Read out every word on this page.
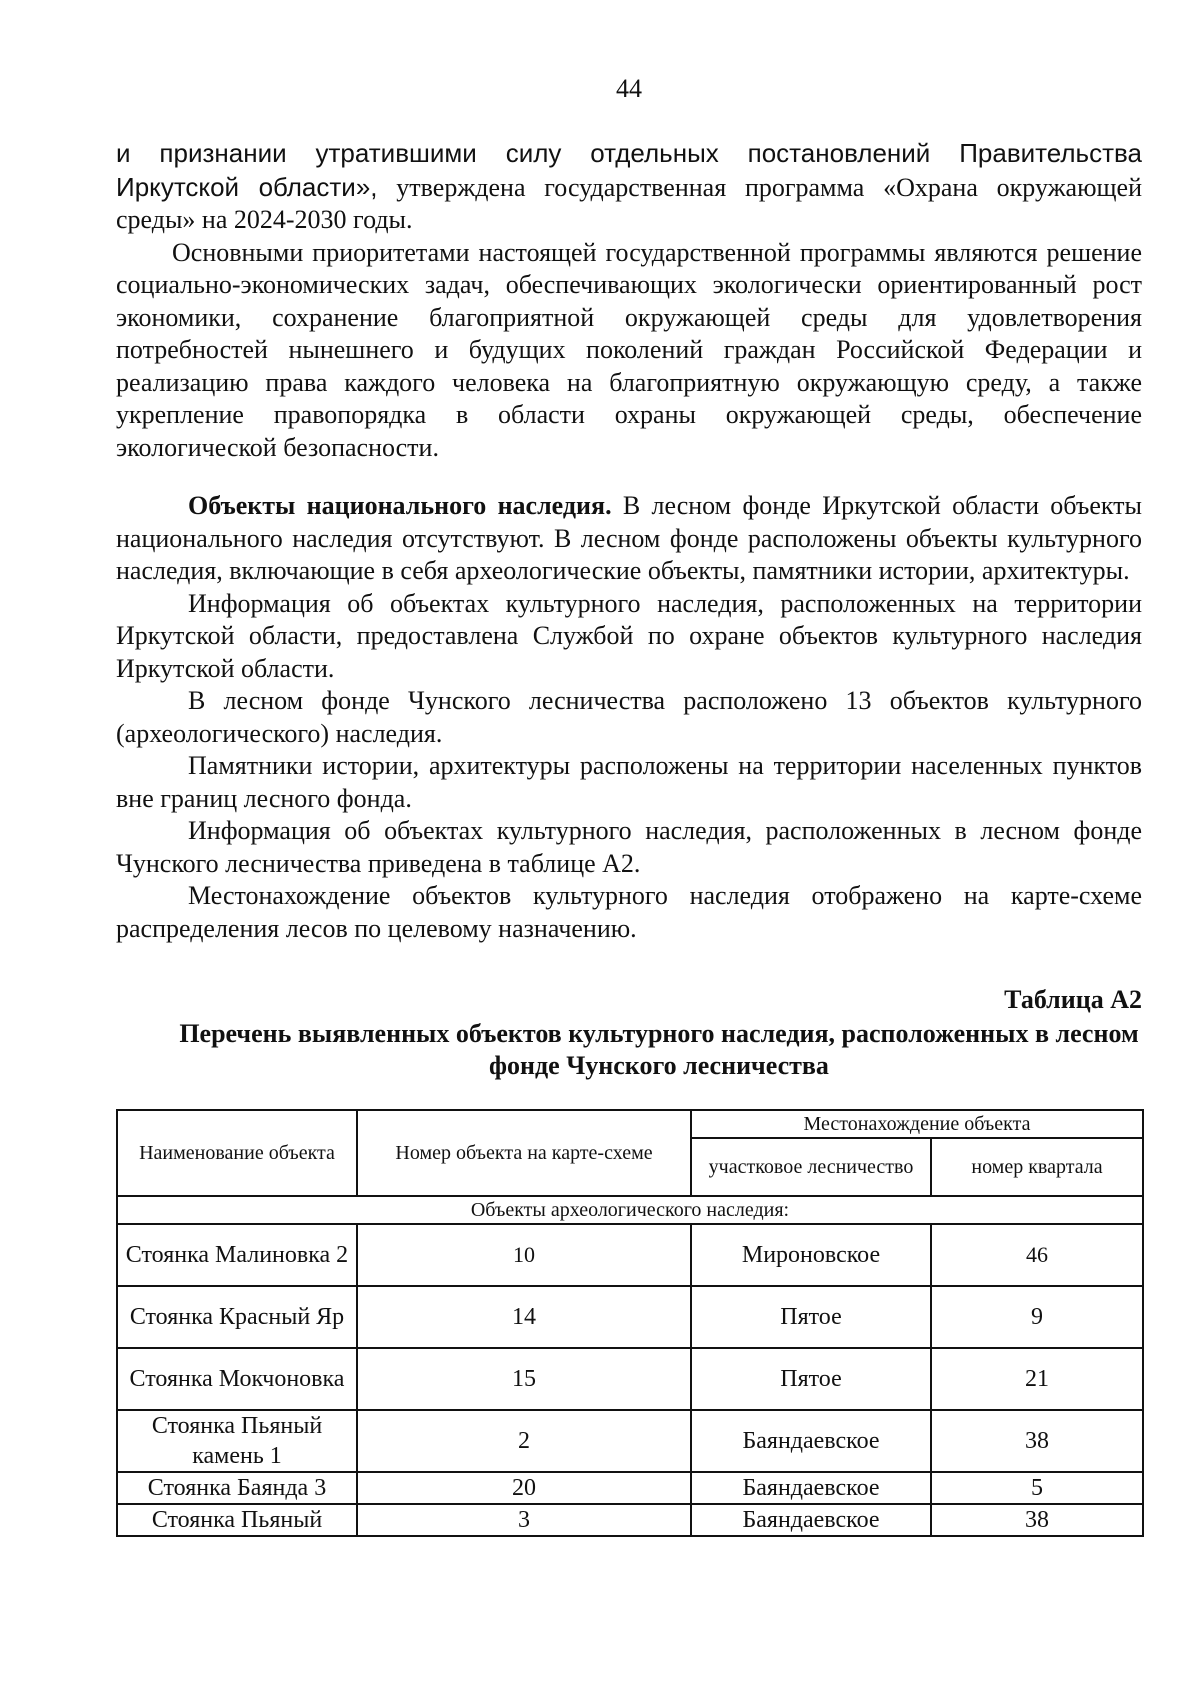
44

и признании утратившими силу отдельных постановлений Правительства Иркутской области», утверждена государственная программа «Охрана окружающей среды» на 2024-2030 годы.

Основными приоритетами настоящей государственной программы являются решение социально-экономических задач, обеспечивающих экологически ориентированный рост экономики, сохранение благоприятной окружающей среды для удовлетворения потребностей нынешнего и будущих поколений граждан Российской Федерации и реализацию права каждого человека на благоприятную окружающую среду, а также укрепление правопорядка в области охраны окружающей среды, обеспечение экологической безопасности.

Объекты национального наследия. В лесном фонде Иркутской области объекты национального наследия отсутствуют. В лесном фонде расположены объекты культурного наследия, включающие в себя археологические объекты, памятники истории, архитектуры.

Информация об объектах культурного наследия, расположенных на территории Иркутской области, предоставлена Службой по охране объектов культурного наследия Иркутской области.

В лесном фонде Чунского лесничества расположено 13 объектов культурного (археологического) наследия.

Памятники истории, архитектуры расположены на территории населенных пунктов вне границ лесного фонда.

Информация об объектах культурного наследия, расположенных в лесном фонде Чунского лесничества приведена в таблице А2.

Местонахождение объектов культурного наследия отображено на карте-схеме распределения лесов по целевому назначению.

Таблица А2
Перечень выявленных объектов культурного наследия, расположенных в лесном фонде Чунского лесничества
Наименование объекта	Номер объекта на карте-схеме	Местонахождение объекта	
		участковое лесничество	номер квартала
Объекты археологического наследия:			
Стоянка Малиновка 2	10	Мироновское	46
Стоянка Красный Яр	14	Пятое	9
Стоянка Мокчоновка	15	Пятое	21
Стоянка Пьяный камень 1	2	Баяндаевское	38
Стоянка Баянда 3	20	Баяндаевское	5
Стоянка Пьяный	3	Баяндаевское	38
